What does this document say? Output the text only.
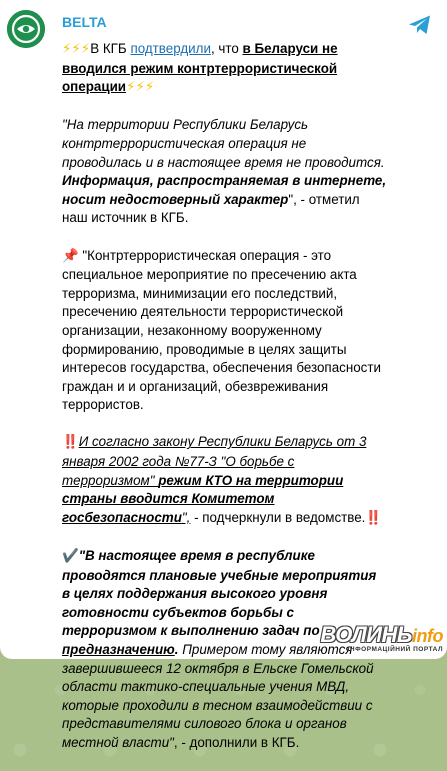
BELTA

⚡⚡⚡В КГБ подтвердили, что в Беларуси не вводился режим контртеррористической операции⚡⚡⚡

"На территории Республики Беларусь контртеррористическая операция не проводилась и в настоящее время не проводится. Информация, распространяемая в интернете, носит недостоверный характер", - отметил наш источник в КГБ.

📌 "Контртеррористическая операция - это специальное мероприятие по пресечению акта терроризма, минимизации его последствий, пресечению деятельности террористической организации, незаконному вооруженному формированию, проводимые в целях защиты интересов государства, обеспечения безопасности граждан и и организаций, обезвреживания террористов.

‼️И согласно закону Республики Беларусь от 3 января 2002 года №77-З "О борьбе с терроризмом" режим КТО на территории страны вводится Комитетом госбезопасности", - подчеркнули в ведомстве.‼️

✔️"В настоящее время в республике проводятся плановые учебные мероприятия в целях поддержания высокого уровня готовности субъектов борьбы с терроризмом к выполнению задач по предназначению. Примером тому являются завершившееся 12 октября в Ельске Гомельской области тактико-специальные учения МВД, которые проходили в тесном взаимодействии с представителями силового блока и органов местной власти", - дополнили в КГБ.

ВОЛИНЬinfo
ІНФОРМАЦІЙНИЙ ПОРТАЛ
